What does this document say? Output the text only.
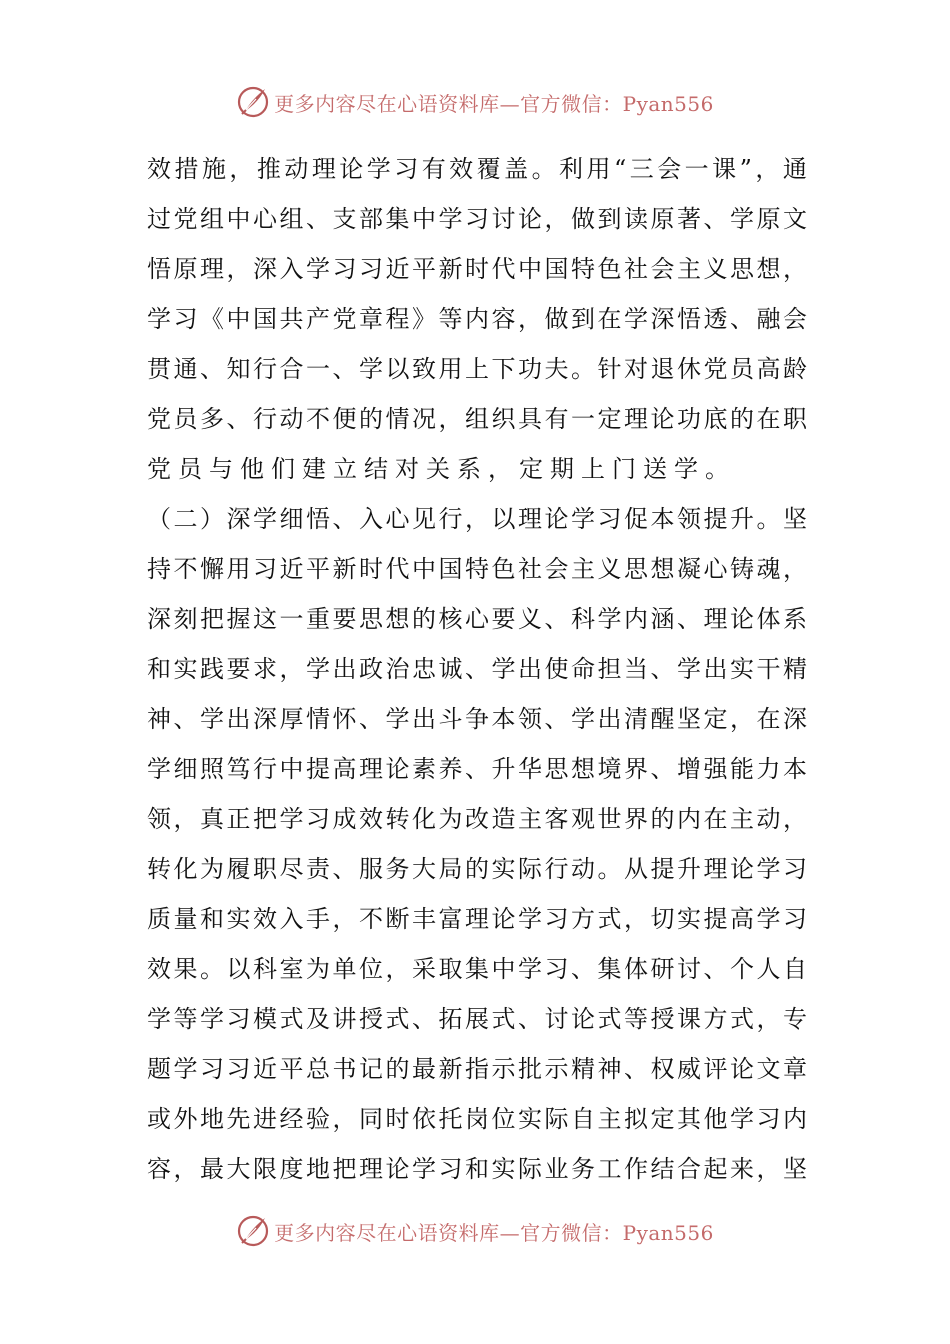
更多内容尽在心语资料库—官方微信：Pyan556
效 措 施 ， 推 动 理 论 学 习 有 效 覆 盖 。 利 用 “ 三 会 一 课 ” ， 通
过 党 组 中 心 组 、 支 部 集 中 学 习 讨 论 ， 做 到 读 原 著 、 学 原 文
悟 原 理 ， 深 入 学 习 习 近 平 新 时 代 中 国 特 色 社 会 主 义 思 想 ，
学 习 《 中 国 共 产 党 章 程 》 等 内 容 ， 做 到 在 学 深 悟 透 、 融 会
贯 通 、 知 行 合 一 、 学 以 致 用 上 下 功 夫 。 针 对 退 休 党 员 高 龄
党 员 多 、 行 动 不 便 的 情 况 ， 组 织 具 有 一 定 理 论 功 底 的 在 职
党员与他们建立结对关系，定期上门送学。
（ 二 ） 深 学 细 悟 、 入 心 见 行 ， 以 理 论 学 习 促 本 领 提 升 。 坚
持 不 懈 用 习 近 平 新 时 代 中 国 特 色 社 会 主 义 思 想 凝 心 铸 魂 ，
深 刻 把 握 这 一 重 要 思 想 的 核 心 要 义 、 科 学 内 涵 、 理 论 体 系
和 实 践 要 求 ， 学 出 政 治 忠 诚 、 学 出 使 命 担 当 、 学 出 实 干 精
神 、 学 出 深 厚 情 怀 、 学 出 斗 争 本 领 、 学 出 清 醒 坚 定 ， 在 深
学 细 照 笃 行 中 提 高 理 论 素 养 、 升 华 思 想 境 界 、 增 强 能 力 本
领 ， 真 正 把 学 习 成 效 转 化 为 改 造 主 客 观 世 界 的 内 在 主 动 ，
转 化 为 履 职 尽 责 、 服 务 大 局 的 实 际 行 动 。 从 提 升 理 论 学 习
质 量 和 实 效 入 手 ， 不 断 丰 富 理 论 学 习 方 式 ， 切 实 提 高 学 习
效 果 。 以 科 室 为 单 位 ， 采 取 集 中 学 习 、 集 体 研 讨 、 个 人 自
学 等 学 习 模 式 及 讲 授 式 、 拓 展 式 、 讨 论 式 等 授 课 方 式 ， 专
题 学 习 习 近 平 总 书 记 的 最 新 指 示 批 示 精 神 、 权 威 评 论 文 章
或 外 地 先 进 经 验 ， 同 时 依 托 岗 位 实 际 自 主 拟 定 其 他 学 习 内
容 ， 最 大 限 度 地 把 理 论 学 习 和 实 际 业 务 工 作 结 合 起 来 ， 坚
更多内容尽在心语资料库—官方微信：Pyan556
